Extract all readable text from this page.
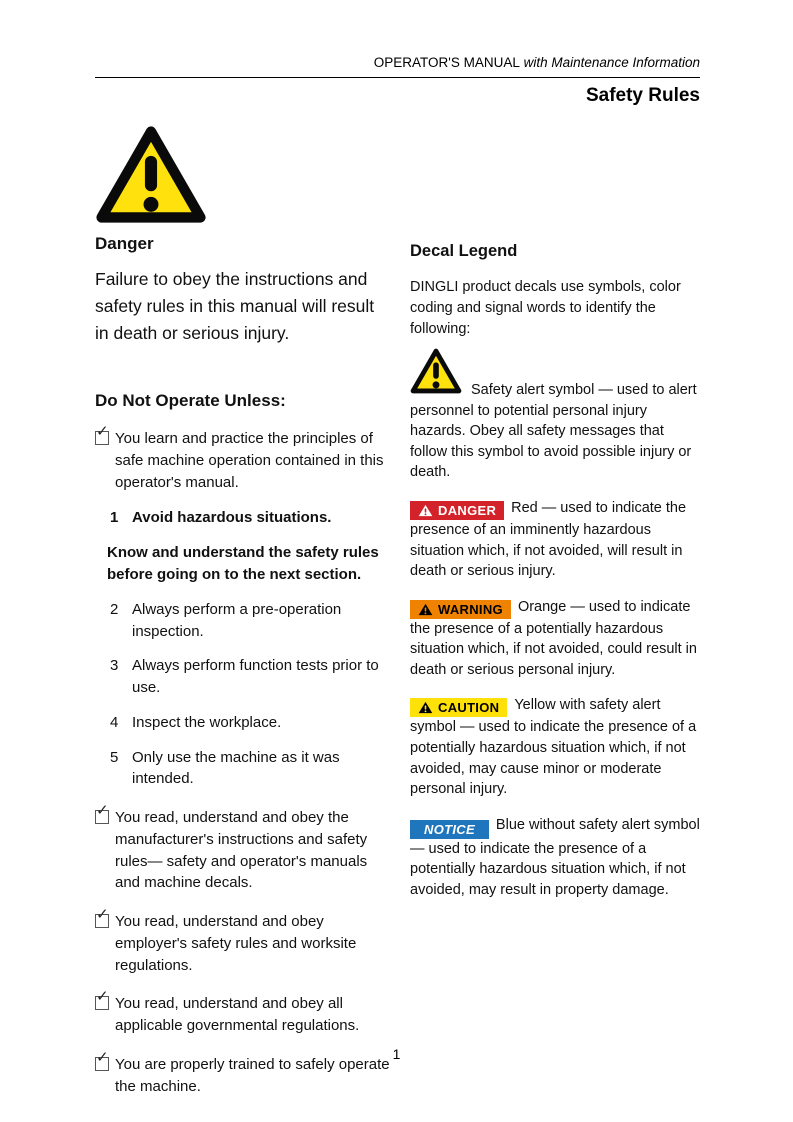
OPERATOR'S MANUAL with Maintenance Information
Safety Rules
Danger

Failure to obey the instructions and safety rules in this manual will result in death or serious injury.

Do Not Operate Unless:
✓ You learn and practice the principles of safe machine operation contained in this operator's manual.
1 Avoid hazardous situations.

Know and understand the safety rules before going on to the next section.

2 Always perform a pre-operation inspection.
3 Always perform function tests prior to use.
4 Inspect the workplace.
5 Only use the machine as it was intended.
✓ You read, understand and obey the manufacturer's instructions and safety rules— safety and operator's manuals and machine decals.
✓ You read, understand and obey employer's safety rules and worksite regulations.
✓ You read, understand and obey all applicable governmental regulations.
✓ You are properly trained to safely operate the machine.
Decal Legend

DINGLI product decals use symbols, color coding and signal words to identify the following:

Safety alert symbol — used to alert personnel to potential personal injury hazards. Obey all safety messages that follow this symbol to avoid possible injury or death.

DANGER Red — used to indicate the presence of an imminently hazardous situation which, if not avoided, will result in death or serious injury.

WARNING Orange — used to indicate the presence of a potentially hazardous situation which, if not avoided, could result in death or serious personal injury.

CAUTION Yellow with safety alert symbol — used to indicate the presence of a potentially hazardous situation which, if not avoided, may cause minor or moderate personal injury.

NOTICE Blue without safety alert symbol — used to indicate the presence of a potentially hazardous situation which, if not avoided, may result in property damage.

1
